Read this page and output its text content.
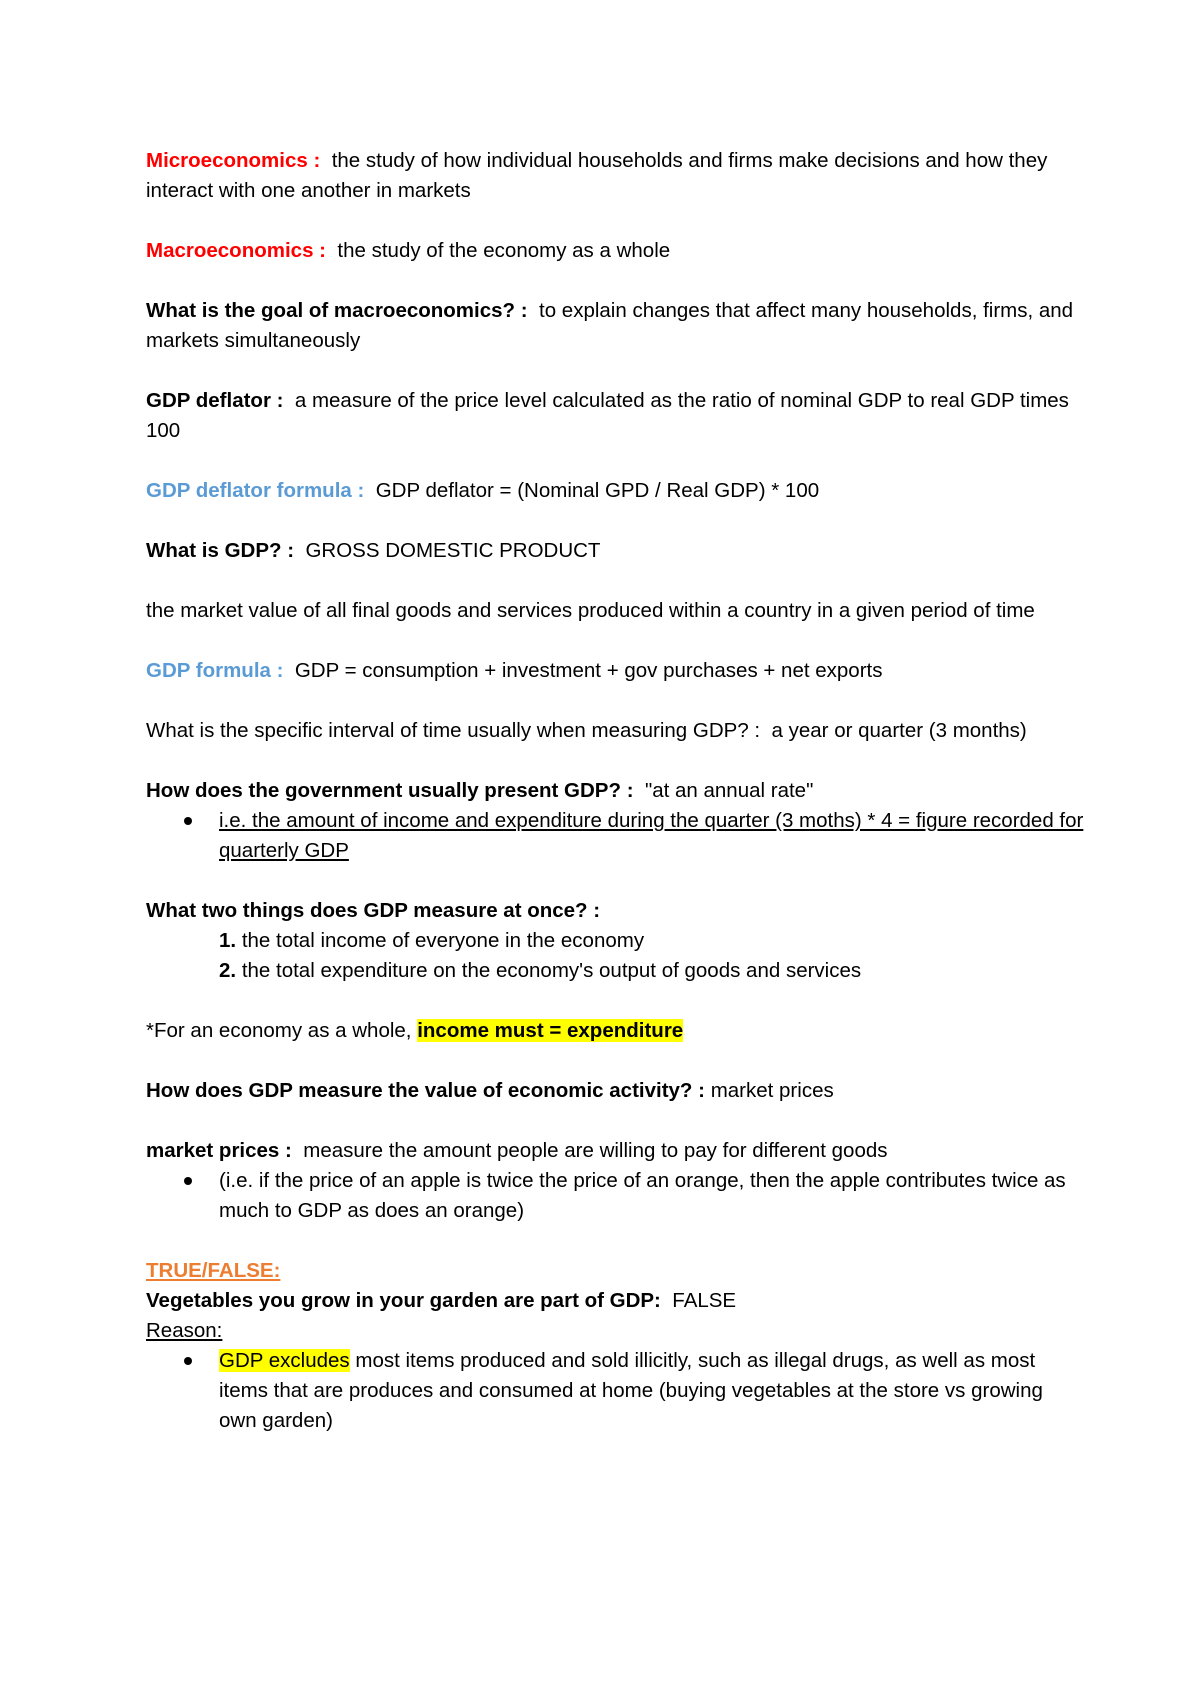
Microeconomics : the study of how individual households and firms make decisions and how they interact with one another in markets

Macroeconomics : the study of the economy as a whole

What is the goal of macroeconomics? : to explain changes that affect many households, firms, and markets simultaneously

GDP deflator : a measure of the price level calculated as the ratio of nominal GDP to real GDP times 100

GDP deflator formula : GDP deflator = (Nominal GPD / Real GDP) * 100

What is GDP? : GROSS DOMESTIC PRODUCT

the market value of all final goods and services produced within a country in a given period of time

GDP formula : GDP = consumption + investment + gov purchases + net exports

What is the specific interval of time usually when measuring GDP? : a year or quarter (3 months)

How does the government usually present GDP? : "at an annual rate"

i.e. the amount of income and expenditure during the quarter (3 moths) * 4 = figure recorded for quarterly GDP

What two things does GDP measure at once? :

1. the total income of everyone in the economy
2. the total expenditure on the economy's output of goods and services

*For an economy as a whole, income must = expenditure

How does GDP measure the value of economic activity? : market prices

market prices : measure the amount people are willing to pay for different goods

(i.e. if the price of an apple is twice the price of an orange, then the apple contributes twice as much to GDP as does an orange)

TRUE/FALSE:

Vegetables you grow in your garden are part of GDP: FALSE

Reason:

GDP excludes most items produced and sold illicitly, such as illegal drugs, as well as most items that are produces and consumed at home (buying vegetables at the store vs growing own garden)
